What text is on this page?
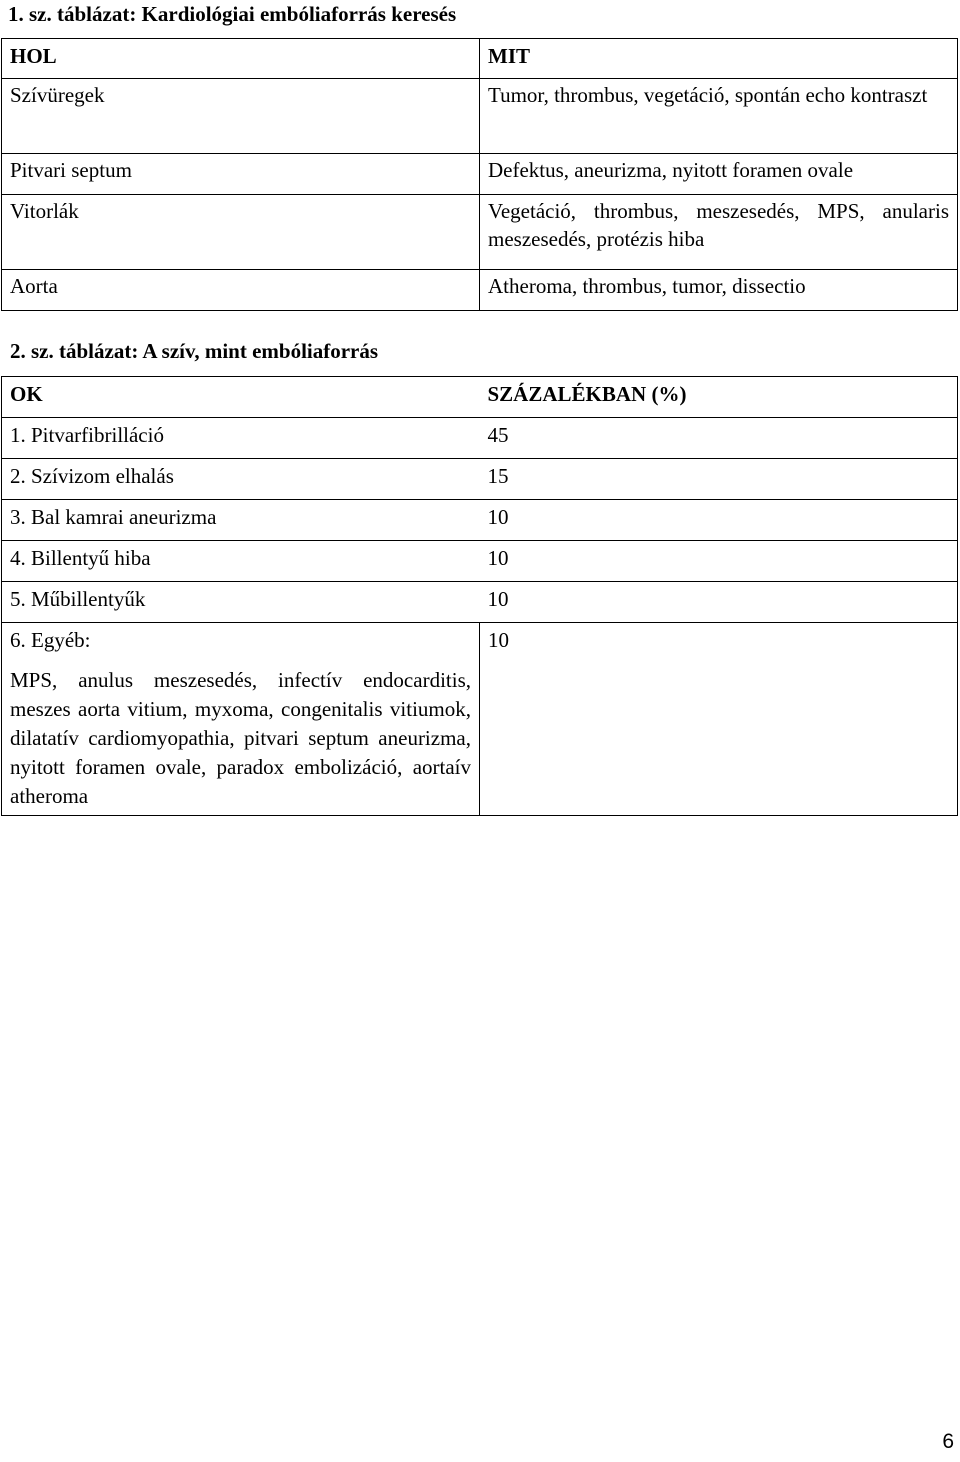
1. sz. táblázat: Kardiológiai embóliaforrás keresés
HOL	MIT
Szívüregek	Tumor, thrombus, vegetáció, spontán echo kontraszt
Pitvari septum	Defektus, aneurizma, nyitott foramen ovale
Vitorlák	Vegetáció, thrombus, meszesedés, MPS, anularis meszesedés, protézis hiba
Aorta	Atheroma, thrombus, tumor, dissectio
2. sz. táblázat: A szív, mint embóliaforrás
OK	SZÁZALÉKBAN (%)
1. Pitvarfibrilláció	45
2. Szívizom elhalás	15
3. Bal kamrai aneurizma	10
4. Billentyű hiba	10
5. Műbillentyűk	10

6. Egyéb:
MPS, anulus meszesedés, infectív endocarditis, meszes aorta vitium, myxoma, congenitalis vitiumok, dilatatív cardiomyopathia, pitvari septum aneurizma, nyitott foramen ovale, paradox embolizáció, aortaív atheroma	10
6
